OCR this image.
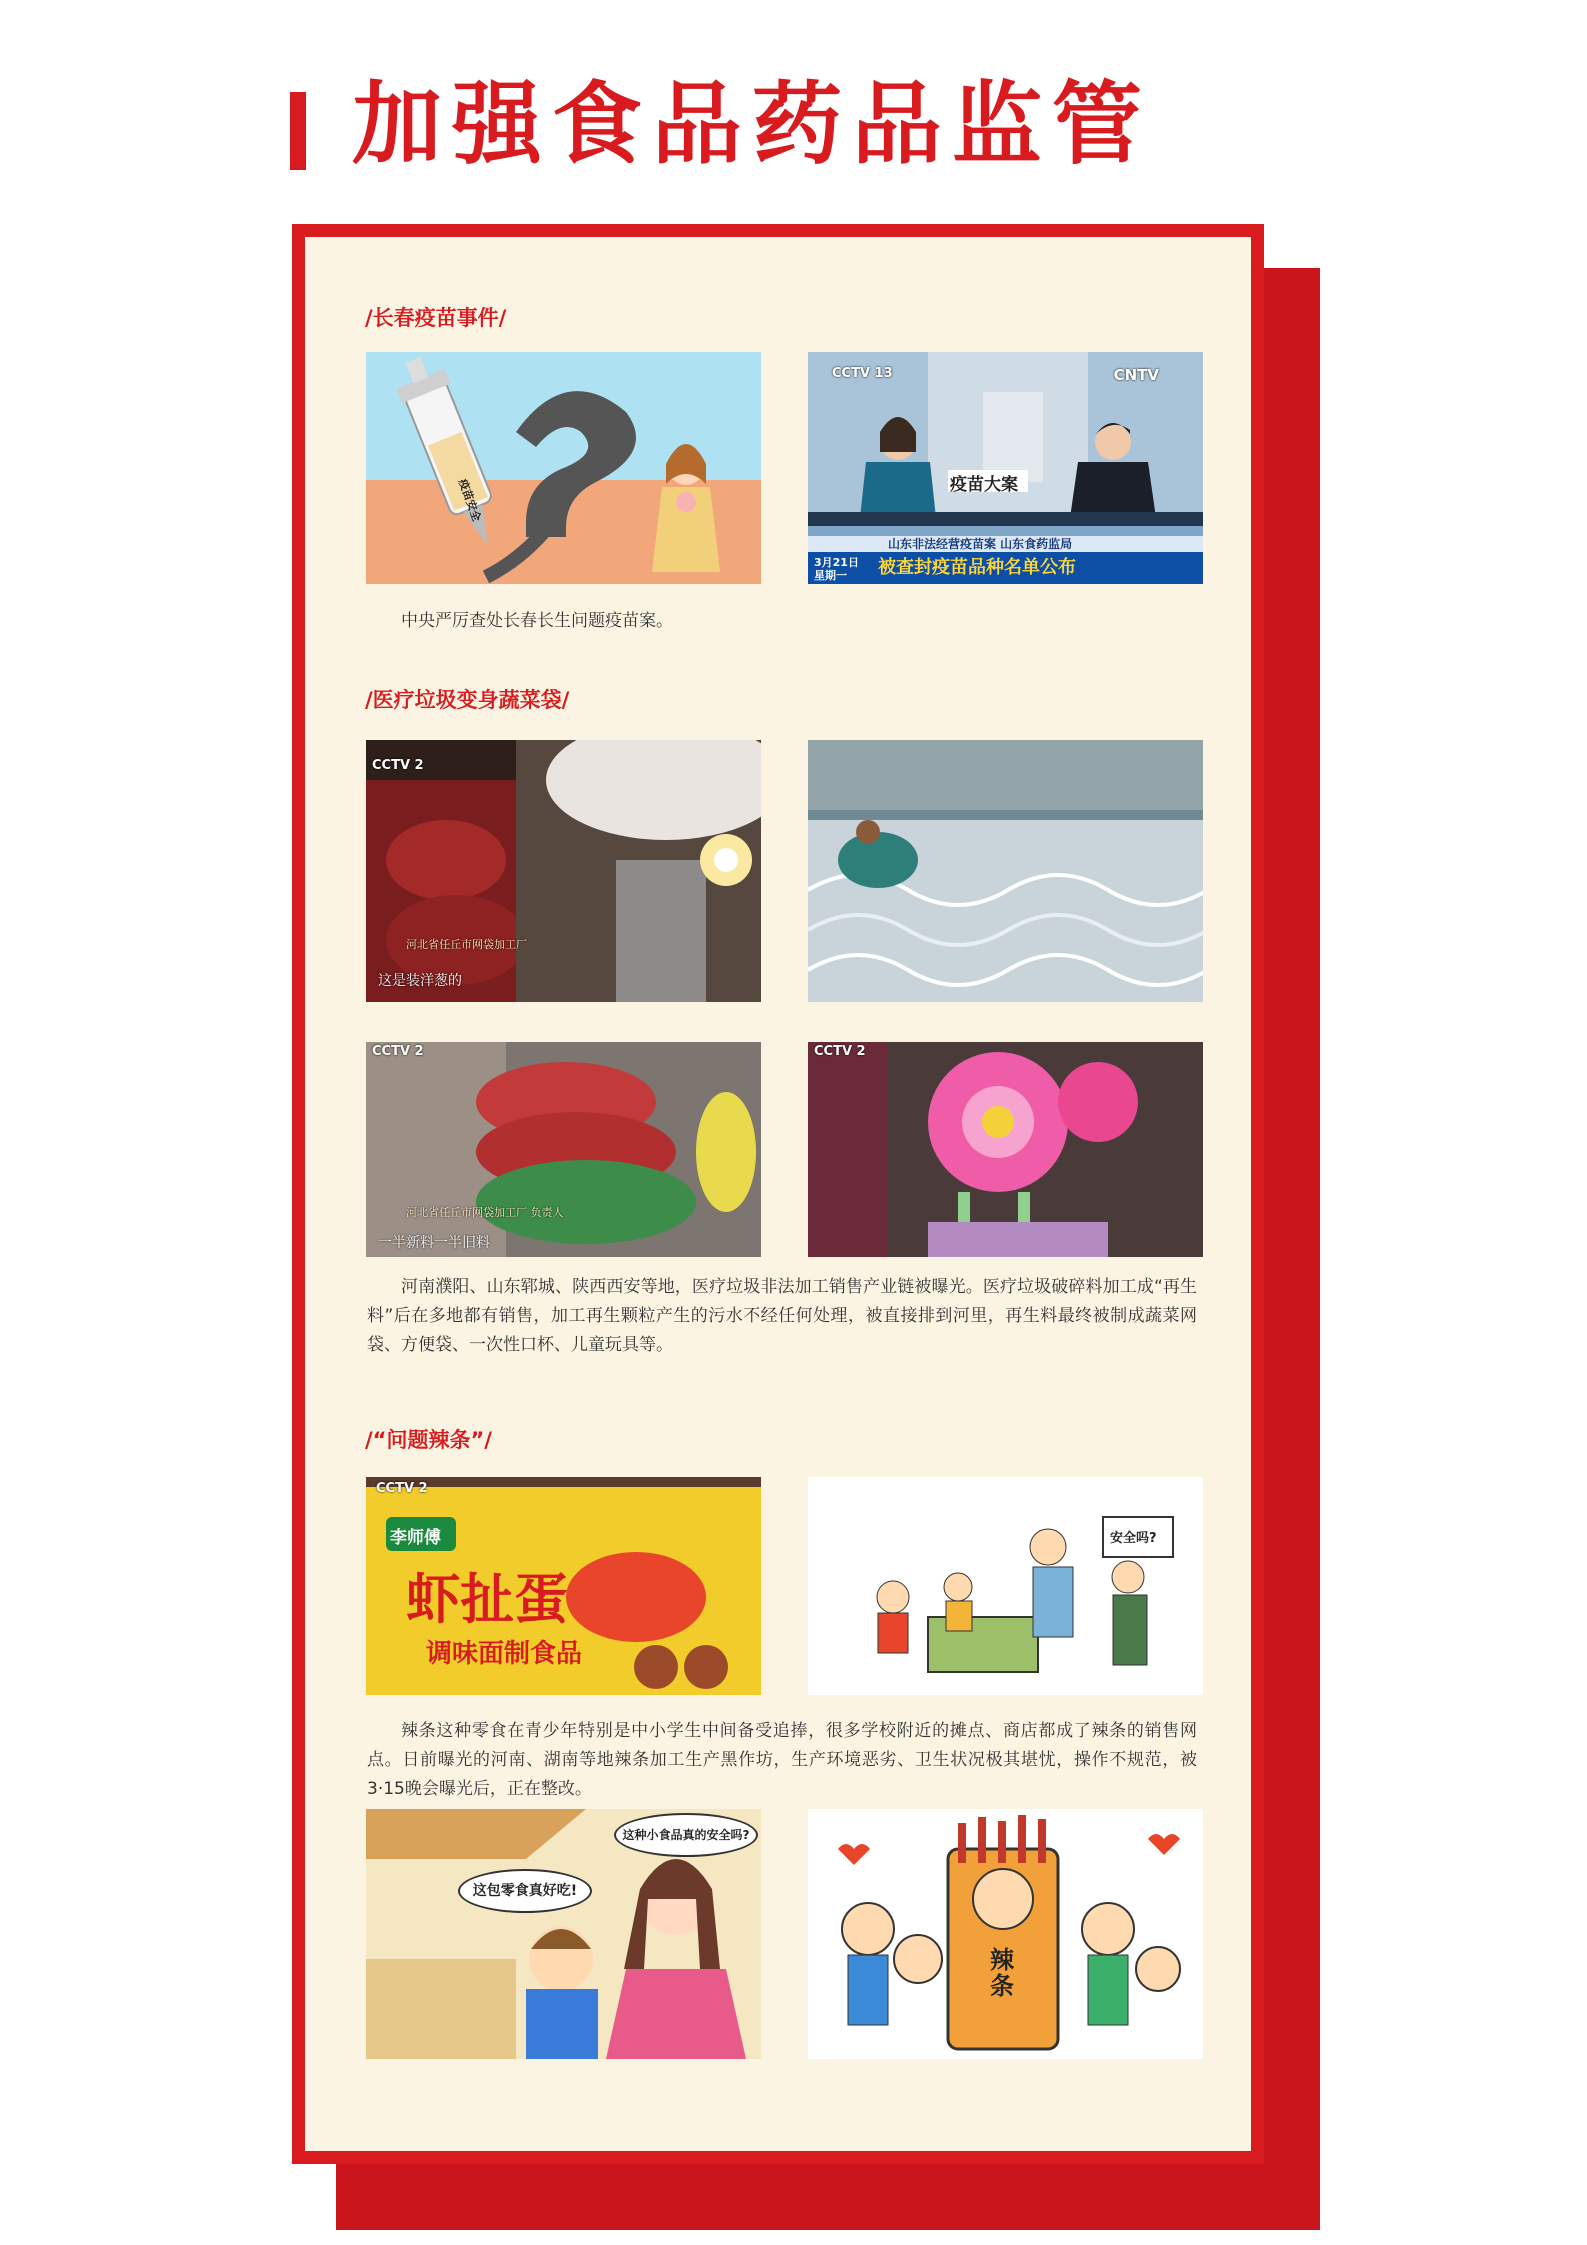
加强食品药品监管
/长春疫苗事件/
疫苗安全
CCTV 13	CNTV
疫苗大案
山东非法经营疫苗案 山东食药监局
被查封疫苗品种名单公布
3月21日
星期一

中央严厉查处长春长生问题疫苗案。

/医疗垃圾变身蔬菜袋/
CCTV 2
河北省任丘市网袋加工厂
这是装洋葱的
CCTV 2
河北省任丘市网袋加工厂 负责人
一半新料一半旧料
CCTV 2

河南濮阳、山东郓城、陕西西安等地，医疗垃圾非法加工销售产业链被曝光。医疗垃圾破碎料加工成“再生料”后在多地都有销售，加工再生颗粒产生的污水不经任何处理，被直接排到河里，再生料最终被制成蔬菜网袋、方便袋、一次性口杯、儿童玩具等。

/“问题辣条”/
李师傅
虾扯蛋
调味面制食品
CCTV 2
安全吗?

辣条这种零食在青少年特别是中小学生中间备受追捧，很多学校附近的摊点、商店都成了辣条的销售网点。日前曝光的河南、湖南等地辣条加工生产黑作坊，生产环境恶劣、卫生状况极其堪忧，操作不规范，被3·15晚会曝光后，正在整改。

这包零食真好吃!
这种小食品真的安全吗?
辣条
